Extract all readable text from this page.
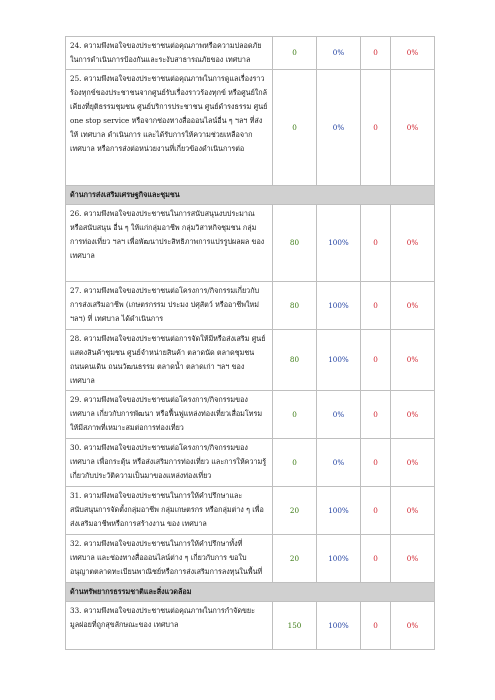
24. ความพึงพอใจของประชาชนต่อคุณภาพหรือความปลอดภัยในการดำเนินการป้องกันและระงับสาธารณภัยของ เทศบาล	0	0%	0	0%
25. ความพึงพอใจของประชาชนต่อคุณภาพในการดูแลเรื่องราวร้องทุกข์ของประชาชนจากศูนย์รับเรื่องราวร้องทุกข์ หรือศูนย์ใกล้เคียงที่ยุติธรรมชุมชน ศูนย์บริการประชาชน ศูนย์ดำรงธรรม ศูนย์ one stop service หรือจากช่องทางสื่อออนไลน์อื่น ๆ ฯลฯ ที่ส่งให้ เทศบาล ดำเนินการ และได้รับการให้ความช่วยเหลือจาก เทศบาล หรือการส่งต่อหน่วยงานที่เกี่ยวข้องดำเนินการต่อ	0	0%	0	0%
ด้านการส่งเสริมเศรษฐกิจและชุมชน				
26. ความพึงพอใจของประชาชนในการสนับสนุนงบประมาณ หรือสนับสนุน อื่น ๆ ให้แก่กลุ่มอาชีพ กลุ่มวิสาหกิจชุมชน กลุ่มการท่องเที่ยว ฯลฯ เพื่อพัฒนาประสิทธิภาพการแปรรูปผลผล ของ เทศบาล	80	100%	0	0%
27. ความพึงพอใจของประชาชนต่อโครงการ/กิจกรรมเกี่ยวกับการส่งเสริมอาชีพ (เกษตรกรรม ประมง ปศุสัตว์ หรืออาชีพใหม่ ฯลฯ) ที่ เทศบาล ได้ดำเนินการ	80	100%	0	0%
28. ความพึงพอใจของประชาชนต่อการจัดให้มีหรือส่งเสริม ศูนย์แสดงสินค้าชุมชน ศูนย์จำหน่ายสินค้า ตลาดนัด ตลาดชุมชน ถนนคนเดิน ถนนวัฒนธรรม ตลาดน้ำ ตลาดเก่า ฯลฯ ของ เทศบาล	80	100%	0	0%
29. ความพึงพอใจของประชาชนต่อโครงการ/กิจกรรมของ เทศบาล เกี่ยวกับการพัฒนา หรือฟื้นฟูแหล่งท่องเที่ยวเสื่อมโทรม ให้มีสภาพที่เหมาะสมต่อการท่องเที่ยว	0	0%	0	0%
30. ความพึงพอใจของประชาชนต่อโครงการ/กิจกรรมของ เทศบาล เพื่อกระตุ้น หรือส่งเสริมการท่องเที่ยว และการให้ความรู้เกี่ยวกับประวัติความเป็นมาของแหล่งท่องเที่ยว	0	0%	0	0%
31. ความพึงพอใจของประชาชนในการให้คำปรึกษาและสนับสนุนการจัดตั้งกลุ่มอาชีพ กลุ่มเกษตรกร หรือกลุ่มต่าง ๆ เพื่อส่งเสริมอาชีพหรือการสร้างงาน ของ เทศบาล	20	100%	0	0%
32. ความพึงพอใจของประชาชนในการให้คำปรึกษาทั้งที่ เทศบาล และช่องทางสื่อออนไลน์ต่าง ๆ เกี่ยวกับการ ขอใบอนุญาตตลาดทะเบียนพาณิชย์หรือการส่งเสริมการลงทุนในพื้นที่	20	100%	0	0%
ด้านทรัพยากรธรรมชาติและสิ่งแวดล้อม				
33. ความพึงพอใจของประชาชนต่อคุณภาพในการกำจัดขยะมูลฝอยที่ถูกสุขลักษณะของ เทศบาล	150	100%	0	0%
